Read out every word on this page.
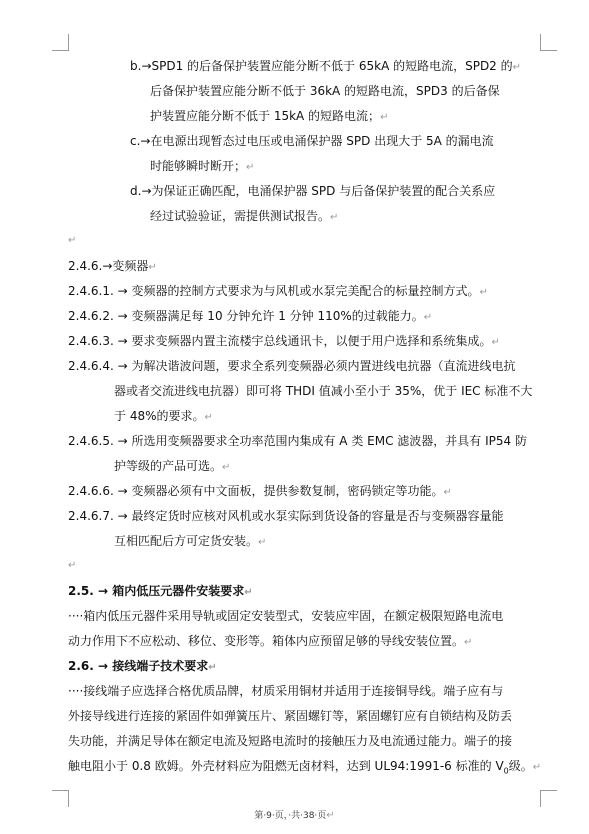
b.→SPD1 的后备保护装置应能分断不低于 65kA 的短路电流，SPD2 的↵
后备保护装置应能分断不低于 36kA 的短路电流，SPD3 的后备保
护装置应能分断不低于 15kA 的短路电流；↵
c.→在电源出现暂态过电压或电涌保护器 SPD 出现大于 5A 的漏电流
时能够瞬时断开；↵
d.→为保证正确匹配，电涌保护器 SPD 与后备保护装置的配合关系应
经过试验验证，需提供测试报告。↵
↵
2.4.6.→变频器↵
2.4.6.1. → 变频器的控制方式要求为与风机或水泵完美配合的标量控制方式。↵
2.4.6.2. → 变频器满足每 10 分钟允许 1 分钟 110%的过载能力。↵
2.4.6.3. → 要求变频器内置主流楼宇总线通讯卡，以便于用户选择和系统集成。↵
2.4.6.4. → 为解决谐波问题，要求全系列变频器必须内置进线电抗器（直流进线电抗
器或者交流进线电抗器）即可将 THDI 值减小至小于 35%，优于 IEC 标准不大
于 48%的要求。↵
2.4.6.5. → 所选用变频器要求全功率范围内集成有 A 类 EMC 滤波器，并具有 IP54 防
护等级的产品可选。↵
2.4.6.6. → 变频器必须有中文面板，提供参数复制，密码锁定等功能。↵
2.4.6.7. → 最终定货时应核对风机或水泵实际到货设备的容量是否与变频器容量能
互相匹配后方可定货安装。↵
↵
2.5. → 箱内低压元器件安装要求↵
····箱内低压元器件采用导轨或固定安装型式，安装应牢固，在额定极限短路电流电
动力作用下不应松动、移位、变形等。箱体内应预留足够的导线安装位置。↵
2.6. → 接线端子技术要求↵
····接线端子应选择合格优质品牌，材质采用铜材并适用于连接铜导线。端子应有与
外接导线进行连接的紧固件如弹簧压片、紧固螺钉等，紧固螺钉应有自锁结构及防丢
失功能，并满足导体在额定电流及短路电流时的接触压力及电流通过能力。端子的接
触电阻小于 0.8 欧姆。外壳材料应为阻燃无卤材料，达到 UL94:1991-6 标准的 $V_0$级。↵
第·9·页，·共·38·页↵
